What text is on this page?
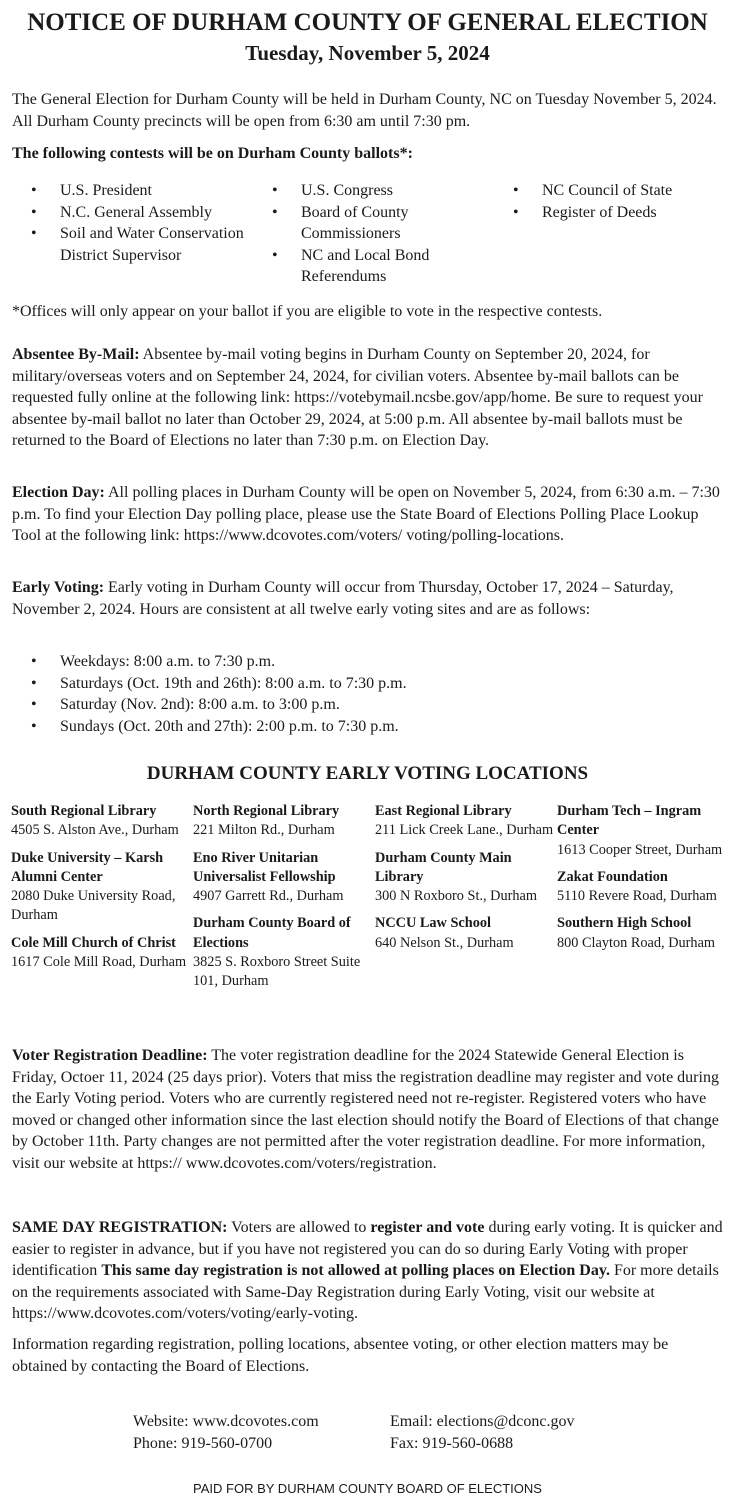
NOTICE OF DURHAM COUNTY OF GENERAL ELECTION
Tuesday, November 5, 2024

The General Election for Durham County will be held in Durham County, NC on Tuesday November 5, 2024. All Durham County precincts will be open from 6:30 am until 7:30 pm.

The following contests will be on Durham County ballots*:

• U.S. President
• N.C. General Assembly
• Soil and Water Conservation District Supervisor
• U.S. Congress
• Board of County Commissioners
• NC and Local Bond Referendums
• NC Council of State
• Register of Deeds

*Offices will only appear on your ballot if you are eligible to vote in the respective contests.

Absentee By-Mail: Absentee by-mail voting begins in Durham County on September 20, 2024, for military/overseas voters and on September 24, 2024, for civilian voters. Absentee by-mail ballots can be requested fully online at the following link: https://votebymail.ncsbe.gov/app/home. Be sure to request your absentee by-mail ballot no later than October 29, 2024, at 5:00 p.m. All absentee by-mail ballots must be returned to the Board of Elections no later than 7:30 p.m. on Election Day.

Election Day: All polling places in Durham County will be open on November 5, 2024, from 6:30 a.m. – 7:30 p.m. To find your Election Day polling place, please use the State Board of Elections Polling Place Lookup Tool at the following link: https://www.dcovotes.com/voters/ voting/polling-locations.

Early Voting: Early voting in Durham County will occur from Thursday, October 17, 2024 – Saturday, November 2, 2024. Hours are consistent at all twelve early voting sites and are as follows:

• Weekdays: 8:00 a.m. to 7:30 p.m.
• Saturdays (Oct. 19th and 26th): 8:00 a.m. to 7:30 p.m.
• Saturday (Nov. 2nd): 8:00 a.m. to 3:00 p.m.
• Sundays (Oct. 20th and 27th): 2:00 p.m. to 7:30 p.m.
DURHAM COUNTY EARLY VOTING LOCATIONS
South Regional Library
4505 S. Alston Ave., Durham
Duke University – Karsh Alumni Center
2080 Duke University Road, Durham
Cole Mill Church of Christ
1617 Cole Mill Road, Durham
North Regional Library
221 Milton Rd., Durham
Eno River Unitarian Universalist Fellowship
4907 Garrett Rd., Durham
Durham County Board of Elections
3825 S. Roxboro Street Suite 101, Durham
East Regional Library
211 Lick Creek Lane., Durham
Durham County Main Library
300 N Roxboro St., Durham
NCCU Law School
640 Nelson St., Durham
Durham Tech – Ingram Center
1613 Cooper Street, Durham
Zakat Foundation
5110 Revere Road, Durham
Southern High School
800 Clayton Road, Durham

Voter Registration Deadline: The voter registration deadline for the 2024 Statewide General Election is Friday, Octoer 11, 2024 (25 days prior). Voters that miss the registration deadline may register and vote during the Early Voting period. Voters who are currently registered need not re-register. Registered voters who have moved or changed other information since the last election should notify the Board of Elections of that change by October 11th. Party changes are not permitted after the voter registration deadline. For more information, visit our website at https:// www.dcovotes.com/voters/registration.

SAME DAY REGISTRATION: Voters are allowed to register and vote during early voting. It is quicker and easier to register in advance, but if you have not registered you can do so during Early Voting with proper identification This same day registration is not allowed at polling places on Election Day. For more details on the requirements associated with Same-Day Registration during Early Voting, visit our website at https://www.dcovotes.com/voters/voting/early-voting.

Information regarding registration, polling locations, absentee voting, or other election matters may be obtained by contacting the Board of Elections.

Website: www.dcovotes.com
Phone: 919-560-0700
Email: elections@dconc.gov
Fax: 919-560-0688
PAID FOR BY DURHAM COUNTY BOARD OF ELECTIONS
